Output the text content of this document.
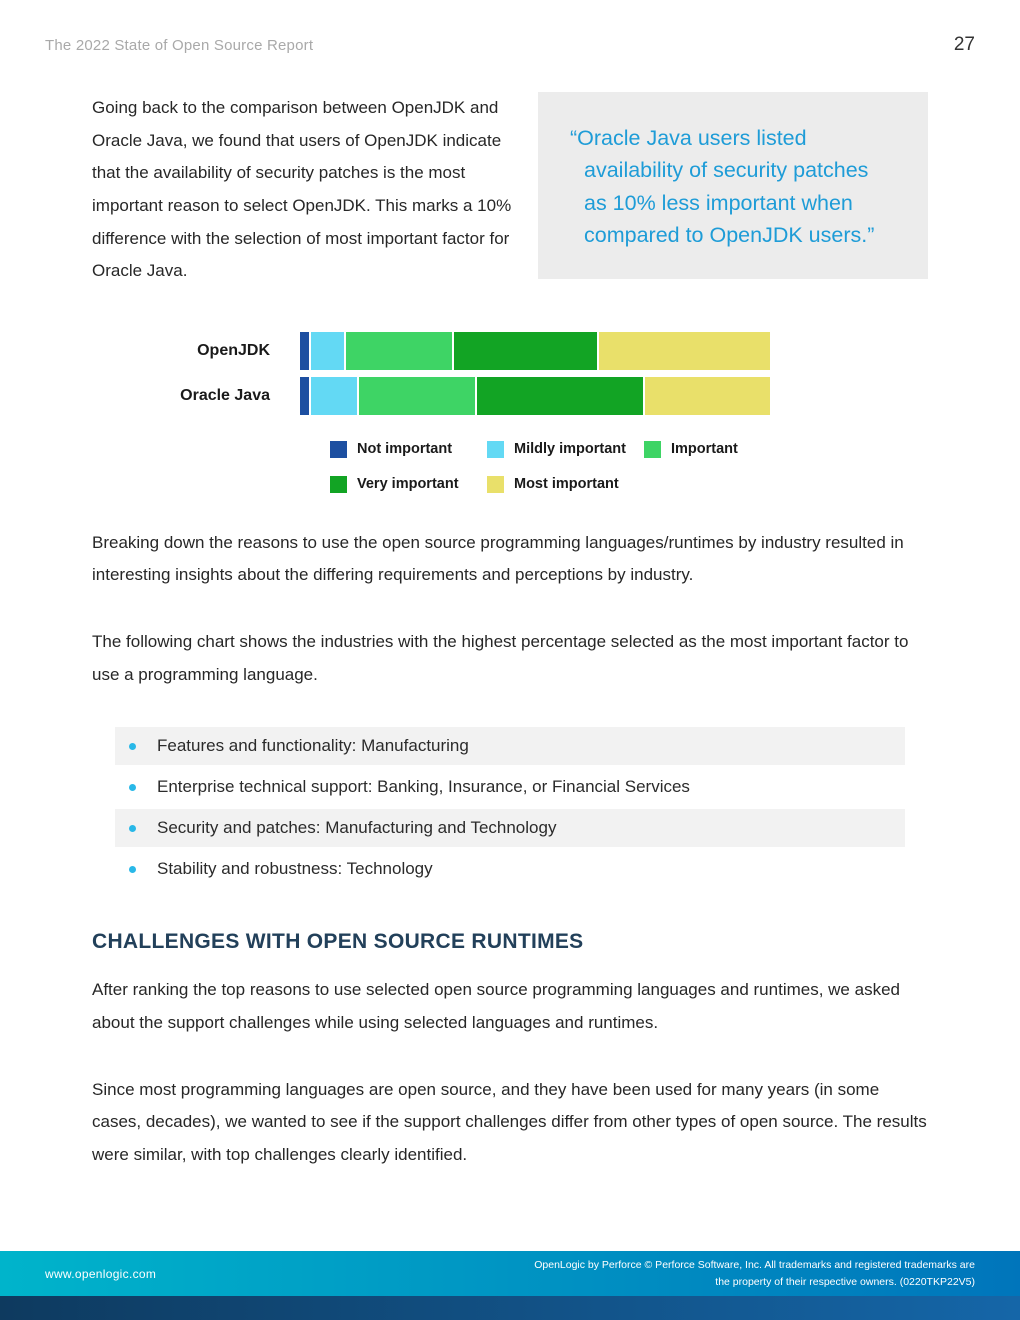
The 2022 State of Open Source Report	27

Going back to the comparison between OpenJDK and Oracle Java, we found that users of OpenJDK indicate that the availability of security patches is the most important reason to select OpenJDK. This marks a 10% difference with the selection of most important factor for Oracle Java.

“Oracle Java users listed availability of security patches as 10% less important when compared to OpenJDK users.”

OpenJDK
Oracle Java
Not important	Mildly important	Important
Very important	Most important

Breaking down the reasons to use the open source programming languages/runtimes by industry resulted in interesting insights about the differing requirements and perceptions by industry.

The following chart shows the industries with the highest percentage selected as the most important factor to use a programming language.

Features and functionality: Manufacturing
Enterprise technical support: Banking, Insurance, or Financial Services
Security and patches: Manufacturing and Technology
Stability and robustness: Technology
CHALLENGES WITH OPEN SOURCE RUNTIMES

After ranking the top reasons to use selected open source programming languages and runtimes, we asked about the support challenges while using selected languages and runtimes.

Since most programming languages are open source, and they have been used for many years (in some cases, decades), we wanted to see if the support challenges differ from other types of open source. The results were similar, with top challenges clearly identified.

www.openlogic.com
OpenLogic by Perforce © Perforce Software, Inc. All trademarks and registered trademarks are the property of their respective owners. (0220TKP22V5)
